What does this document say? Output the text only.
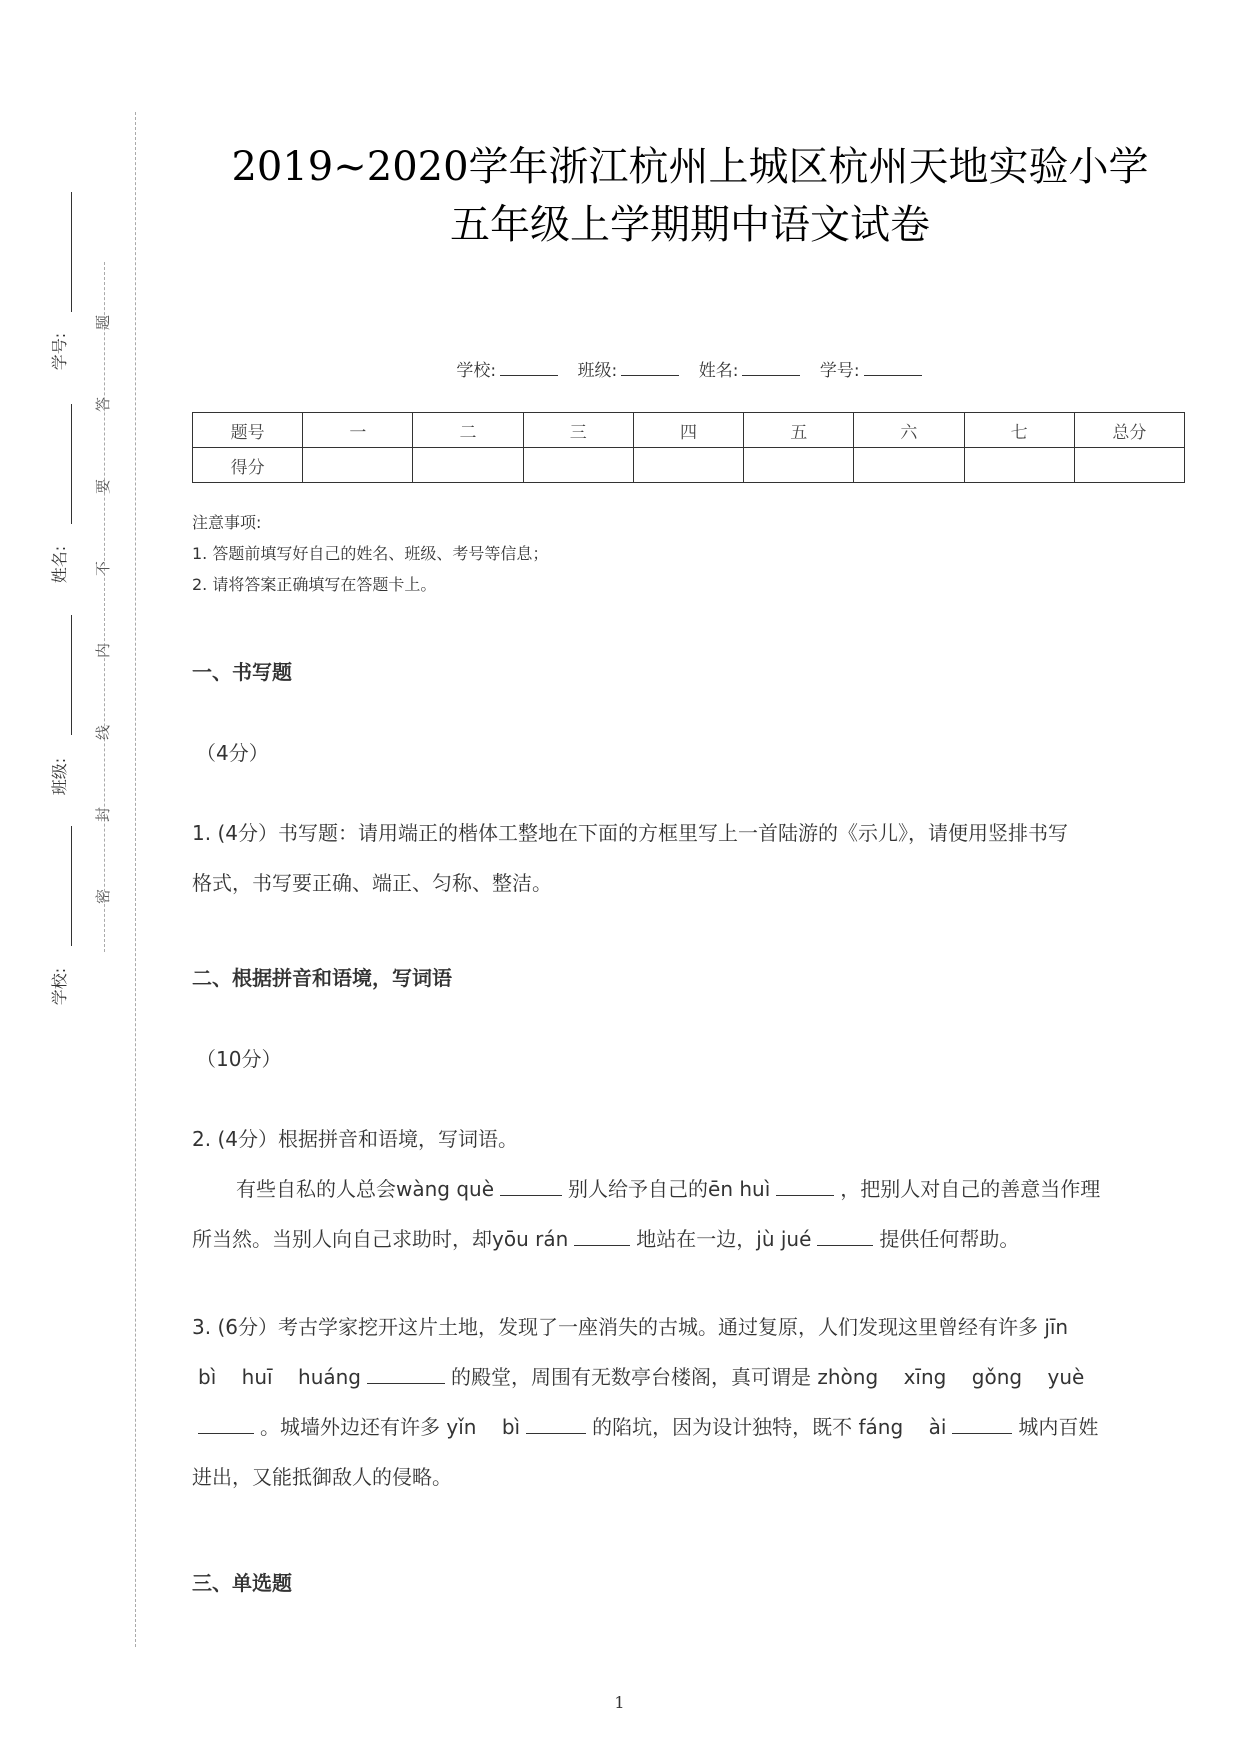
学号:
姓名:
班级:
学校:
题
答
要
不
内
线
封
密
2019~2020学年浙江杭州上城区杭州天地实验小学
五年级上学期期中语文试卷
学校:	班级:	姓名:	学号:
题号	一	二	三	四	五	六	七	总分
得分								
注意事项:
1. 答题前填写好自己的姓名、班级、考号等信息；
2. 请将答案正确填写在答题卡上。
一、书写题
（4分）
1. (4分）书写题：请用端正的楷体工整地在下面的方框里写上一首陆游的《示儿》，请便用竖排书写
格式，书写要正确、端正、匀称、整洁。
二、根据拼音和语境，写词语
（10分）
2. (4分）根据拼音和语境，写词语。
有些自私的人总会wàng què	别人给予自己的ēn huì	，把别人对自己的善意当作理
所当然。当别人向自己求助时，却yōu rán	地站在一边，jù jué	提供任何帮助。
3. (6分）考古学家挖开这片土地，发现了一座消失的古城。通过复原，人们发现这里曾经有许多 jīn
bì    huī    huáng	的殿堂，周围有无数亭台楼阁，真可谓是 zhòng    xīng    gǒng    yuè
。城墙外边还有许多 yǐn    bì	的陷坑，因为设计独特，既不 fáng    ài	城内百姓
进出，又能抵御敌人的侵略。
三、单选题
1
